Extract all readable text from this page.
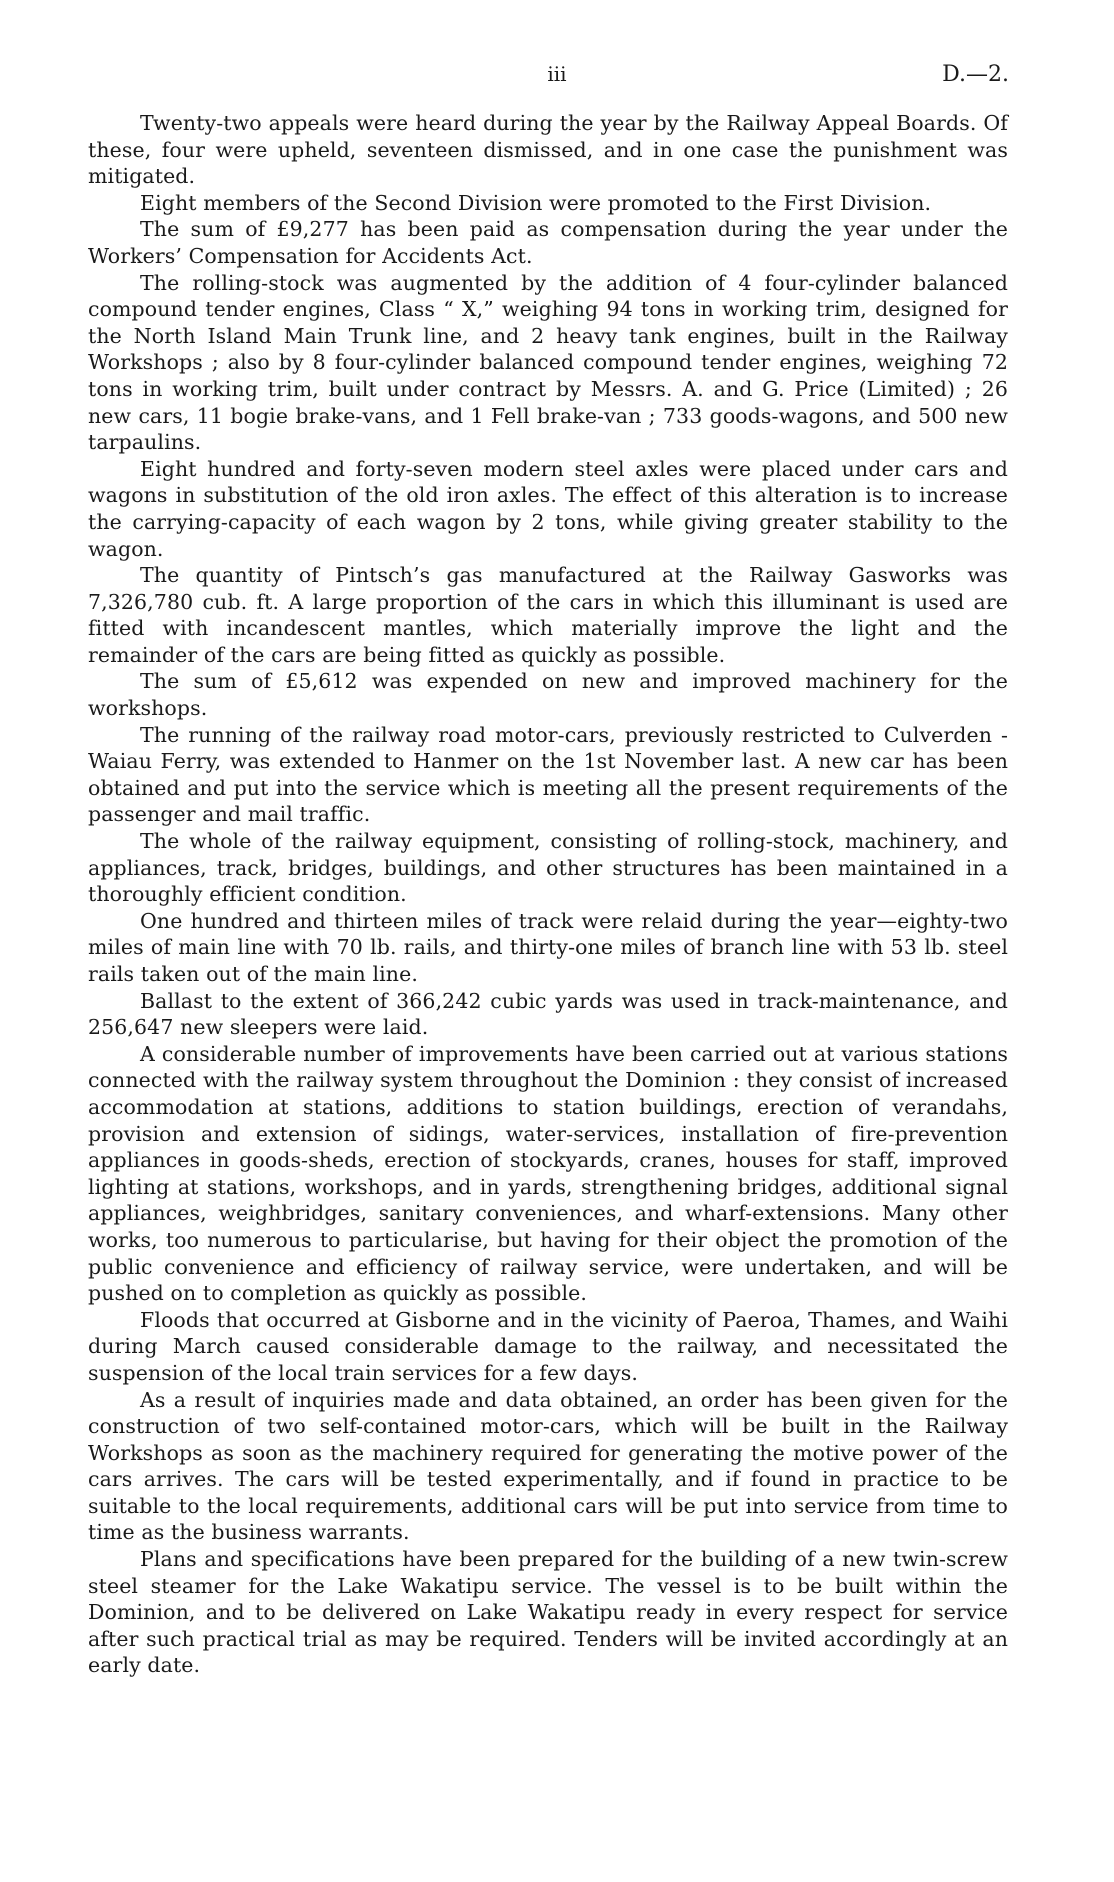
iii	D.—2.

Twenty-two appeals were heard during the year by the Railway Appeal Boards. Of these, four were upheld, seventeen dismissed, and in one case the punishment was mitigated.

Eight members of the Second Division were promoted to the First Division.

The sum of £9,277 has been paid as compensation during the year under the Workers’ Compensation for Accidents Act.

The rolling-stock was augmented by the addition of 4 four-cylinder balanced compound tender engines, Class “ X,” weighing 94 tons in working trim, designed for the North Island Main Trunk line, and 2 heavy tank engines, built in the Railway Workshops ; also by 8 four-cylinder balanced compound tender engines, weighing 72 tons in working trim, built under contract by Messrs. A. and G. Price (Limited) ; 26 new cars, 11 bogie brake-vans, and 1 Fell brake-van ; 733 goods-wagons, and 500 new tarpaulins.

Eight hundred and forty-seven modern steel axles were placed under cars and wagons in substitution of the old iron axles. The effect of this alteration is to increase the carrying-capacity of each wagon by 2 tons, while giving greater stability to the wagon.

The quantity of Pintsch’s gas manufactured at the Railway Gasworks was 7,326,780 cub. ft. A large proportion of the cars in which this illuminant is used are fitted with incandescent mantles, which materially improve the light and the remainder of the cars are being fitted as quickly as possible.

The sum of £5,612 was expended on new and improved machinery for the workshops.

The running of the railway road motor-cars, previously restricted to Culverden - Waiau Ferry, was extended to Hanmer on the 1st November last. A new car has been obtained and put into the service which is meeting all the present requirements of the passenger and mail traffic.

The whole of the railway equipment, consisting of rolling-stock, machinery, and appliances, track, bridges, buildings, and other structures has been maintained in a thoroughly efficient condition.

One hundred and thirteen miles of track were relaid during the year—eighty-two miles of main line with 70 lb. rails, and thirty-one miles of branch line with 53 lb. steel rails taken out of the main line.

Ballast to the extent of 366,242 cubic yards was used in track-maintenance, and 256,647 new sleepers were laid.

A considerable number of improvements have been carried out at various stations connected with the railway system throughout the Dominion : they consist of increased accommodation at stations, additions to station buildings, erection of verandahs, provision and extension of sidings, water-services, installation of fire-prevention appliances in goods-sheds, erection of stockyards, cranes, houses for staff, improved lighting at stations, workshops, and in yards, strengthening bridges, additional signal appliances, weighbridges, sanitary conveniences, and wharf-extensions. Many other works, too numerous to particularise, but having for their object the promotion of the public convenience and efficiency of railway service, were undertaken, and will be pushed on to completion as quickly as possible.

Floods that occurred at Gisborne and in the vicinity of Paeroa, Thames, and Waihi during March caused considerable damage to the railway, and necessitated the suspension of the local train services for a few days.

As a result of inquiries made and data obtained, an order has been given for the construction of two self-contained motor-cars, which will be built in the Railway Workshops as soon as the machinery required for generating the motive power of the cars arrives. The cars will be tested experimentally, and if found in practice to be suitable to the local requirements, additional cars will be put into service from time to time as the business warrants.

Plans and specifications have been prepared for the building of a new twin-screw steel steamer for the Lake Wakatipu service. The vessel is to be built within the Dominion, and to be delivered on Lake Wakatipu ready in every respect for service after such practical trial as may be required. Tenders will be invited accordingly at an early date.
